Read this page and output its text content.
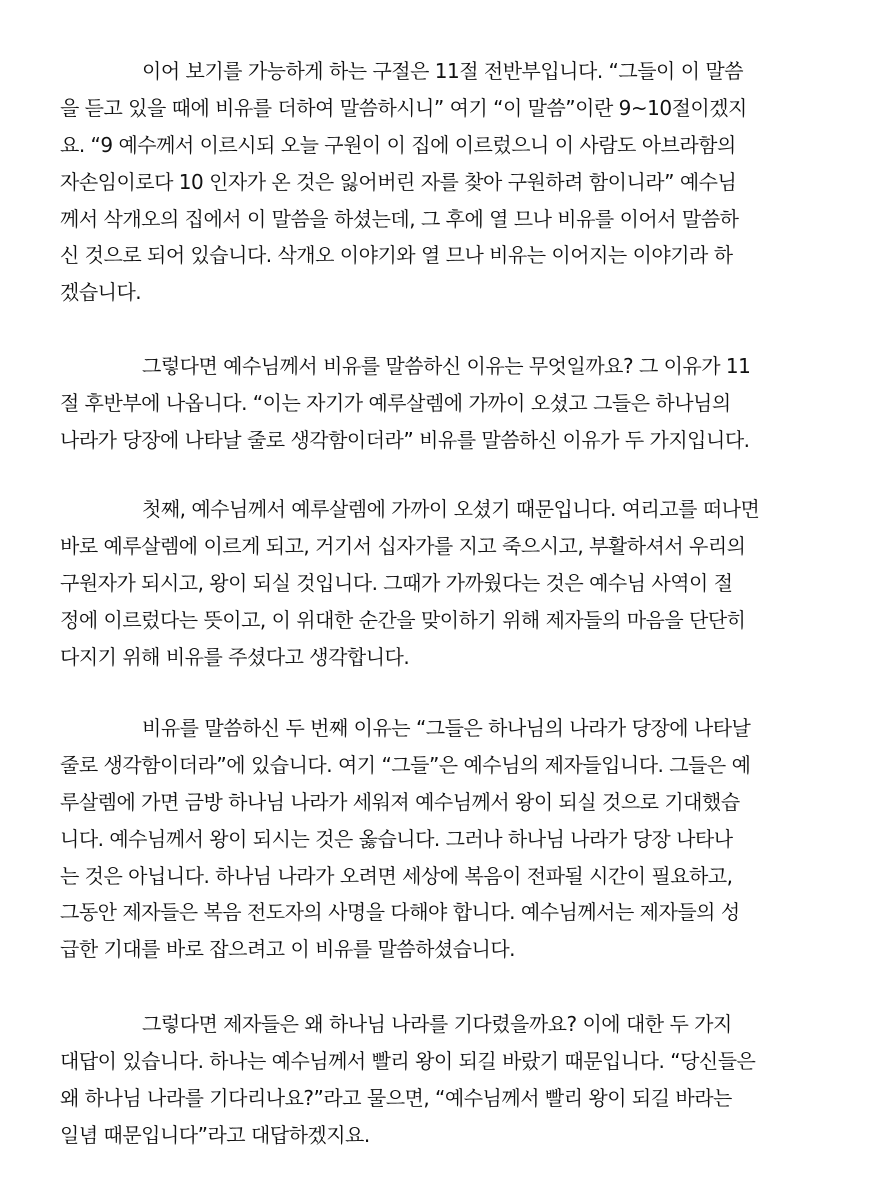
이어 보기를 가능하게 하는 구절은 11절 전반부입니다. “그들이 이 말씀
을 듣고 있을 때에 비유를 더하여 말씀하시니” 여기 “이 말씀”이란 9~10절이겠지
요. “9 예수께서 이르시되 오늘 구원이 이 집에 이르렀으니 이 사람도 아브라함의
자손임이로다 10 인자가 온 것은 잃어버린 자를 찾아 구원하려 함이니라” 예수님
께서 삭개오의 집에서 이 말씀을 하셨는데, 그 후에 열 므나 비유를 이어서 말씀하
신 것으로 되어 있습니다. 삭개오 이야기와 열 므나 비유는 이어지는 이야기라 하
겠습니다.
그렇다면 예수님께서 비유를 말씀하신 이유는 무엇일까요? 그 이유가 11
절 후반부에 나옵니다. “이는 자기가 예루살렘에 가까이 오셨고 그들은 하나님의
나라가 당장에 나타날 줄로 생각함이더라” 비유를 말씀하신 이유가 두 가지입니다.
첫째, 예수님께서 예루살렘에 가까이 오셨기 때문입니다. 여리고를 떠나면
바로 예루살렘에 이르게 되고, 거기서 십자가를 지고 죽으시고, 부활하셔서 우리의
구원자가 되시고, 왕이 되실 것입니다. 그때가 가까웠다는 것은 예수님 사역이 절
정에 이르렀다는 뜻이고, 이 위대한 순간을 맞이하기 위해 제자들의 마음을 단단히
다지기 위해 비유를 주셨다고 생각합니다.
비유를 말씀하신 두 번째 이유는 “그들은 하나님의 나라가 당장에 나타날
줄로 생각함이더라”에 있습니다. 여기 “그들”은 예수님의 제자들입니다. 그들은 예
루살렘에 가면 금방 하나님 나라가 세워져 예수님께서 왕이 되실 것으로 기대했습
니다. 예수님께서 왕이 되시는 것은 옳습니다. 그러나 하나님 나라가 당장 나타나
는 것은 아닙니다. 하나님 나라가 오려면 세상에 복음이 전파될 시간이 필요하고,
그동안 제자들은 복음 전도자의 사명을 다해야 합니다. 예수님께서는 제자들의 성
급한 기대를 바로 잡으려고 이 비유를 말씀하셨습니다.
그렇다면 제자들은 왜 하나님 나라를 기다렸을까요? 이에 대한 두 가지
대답이 있습니다. 하나는 예수님께서 빨리 왕이 되길 바랐기 때문입니다. “당신들은
왜 하나님 나라를 기다리나요?”라고 물으면, “예수님께서 빨리 왕이 되길 바라는
일념 때문입니다”라고 대답하겠지요.
